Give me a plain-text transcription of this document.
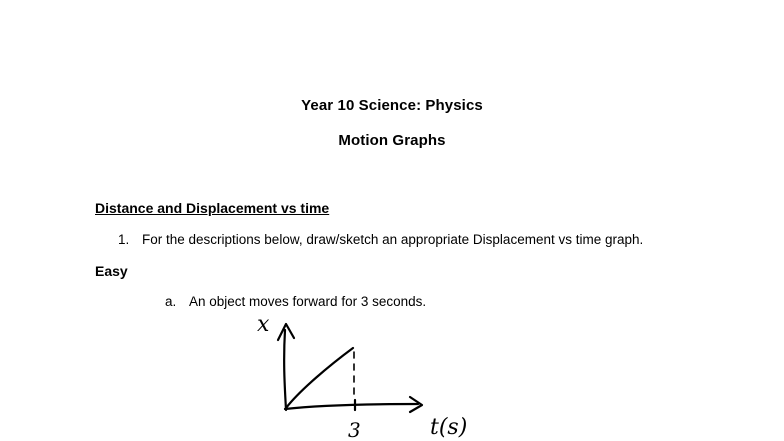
Year 10 Science: Physics
Motion Graphs
Distance and Displacement vs time
1. For the descriptions below, draw/sketch an appropriate Displacement vs time graph.
Easy
a. An object moves forward for 3 seconds.
x
3	t(s)
